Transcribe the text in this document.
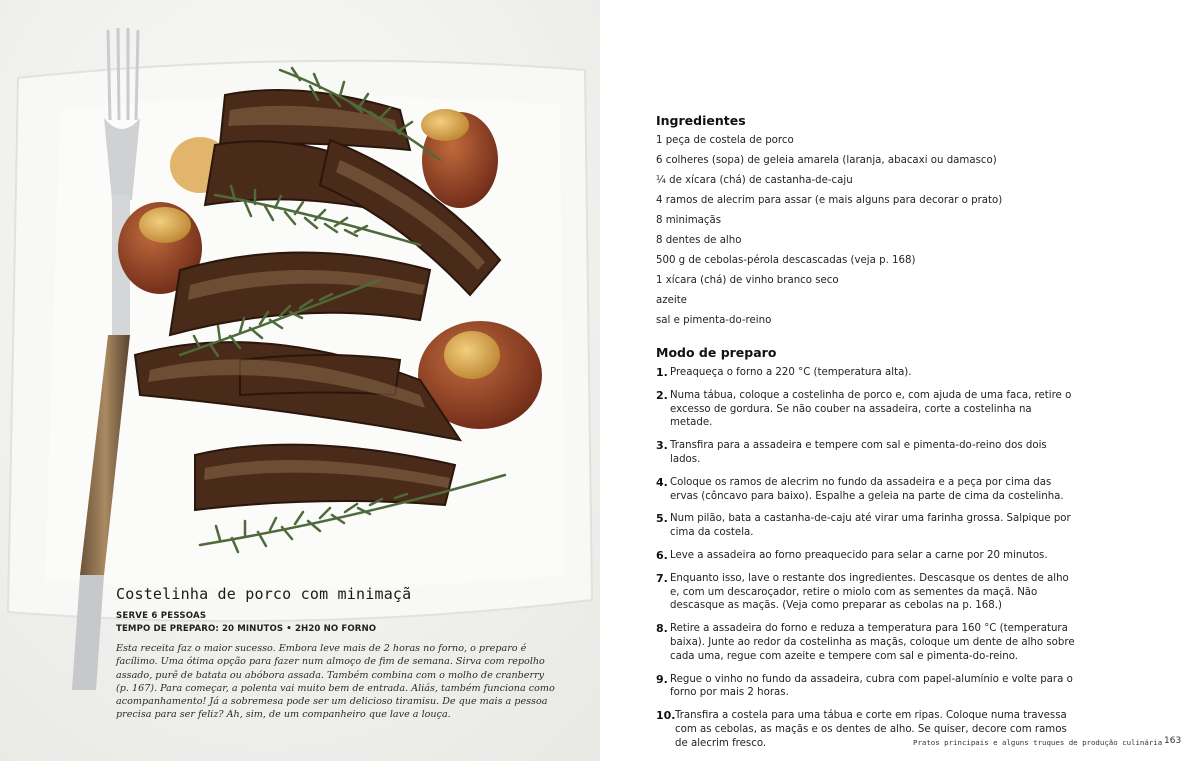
Costelinha de porco com minimaçã
SERVE 6 PESSOAS
TEMPO DE PREPARO: 20 MINUTOS • 2H20 NO FORNO

Esta receita faz o maior sucesso. Embora leve mais de 2 horas no forno, o preparo é facílimo. Uma ótima opção para fazer num almoço de fim de semana. Sirva com repolho assado, purê de batata ou abóbora assada. Também combina com o molho de cranberry (p. 167). Para começar, a polenta vai muito bem de entrada. Aliás, também funciona como acompanhamento! Já a sobremesa pode ser um delicioso tiramisu. De que mais a pessoa precisa para ser feliz? Ah, sim, de um companheiro que lave a louça.

Ingredientes
1 peça de costela de porco
6 colheres (sopa) de geleia amarela (laranja, abacaxi ou damasco)
¼ de xícara (chá) de castanha-de-caju
4 ramos de alecrim para assar (e mais alguns para decorar o prato)
8 minimaçãs
8 dentes de alho
500 g de cebolas-pérola descascadas (veja p. 168)
1 xícara (chá) de vinho branco seco
azeite
sal e pimenta-do-reino
Modo de preparo
1. Preaqueça o forno a 220 °C (temperatura alta).
2. Numa tábua, coloque a costelinha de porco e, com ajuda de uma faca, retire o excesso de gordura. Se não couber na assadeira, corte a costelinha na metade.
3. Transfira para a assadeira e tempere com sal e pimenta-do-reino dos dois lados.
4. Coloque os ramos de alecrim no fundo da assadeira e a peça por cima das ervas (côncavo para baixo). Espalhe a geleia na parte de cima da costelinha.
5. Num pilão, bata a castanha-de-caju até virar uma farinha grossa. Salpique por cima da costela.
6. Leve a assadeira ao forno preaquecido para selar a carne por 20 minutos.
7. Enquanto isso, lave o restante dos ingredientes. Descasque os dentes de alho e, com um descaroçador, retire o miolo com as sementes da maçã. Não descasque as maçãs. (Veja como preparar as cebolas na p. 168.)
8. Retire a assadeira do forno e reduza a temperatura para 160 °C (temperatura baixa). Junte ao redor da costelinha as maçãs, coloque um dente de alho sobre cada uma, regue com azeite e tempere com sal e pimenta-do-reino.
9. Regue o vinho no fundo da assadeira, cubra com papel-alumínio e volte para o forno por mais 2 horas.
10. Transfira a costela para uma tábua e corte em ripas. Coloque numa travessa com as cebolas, as maçãs e os dentes de alho. Se quiser, decore com ramos de alecrim fresco.	Pratos principais e alguns truques de produção culinária 163
